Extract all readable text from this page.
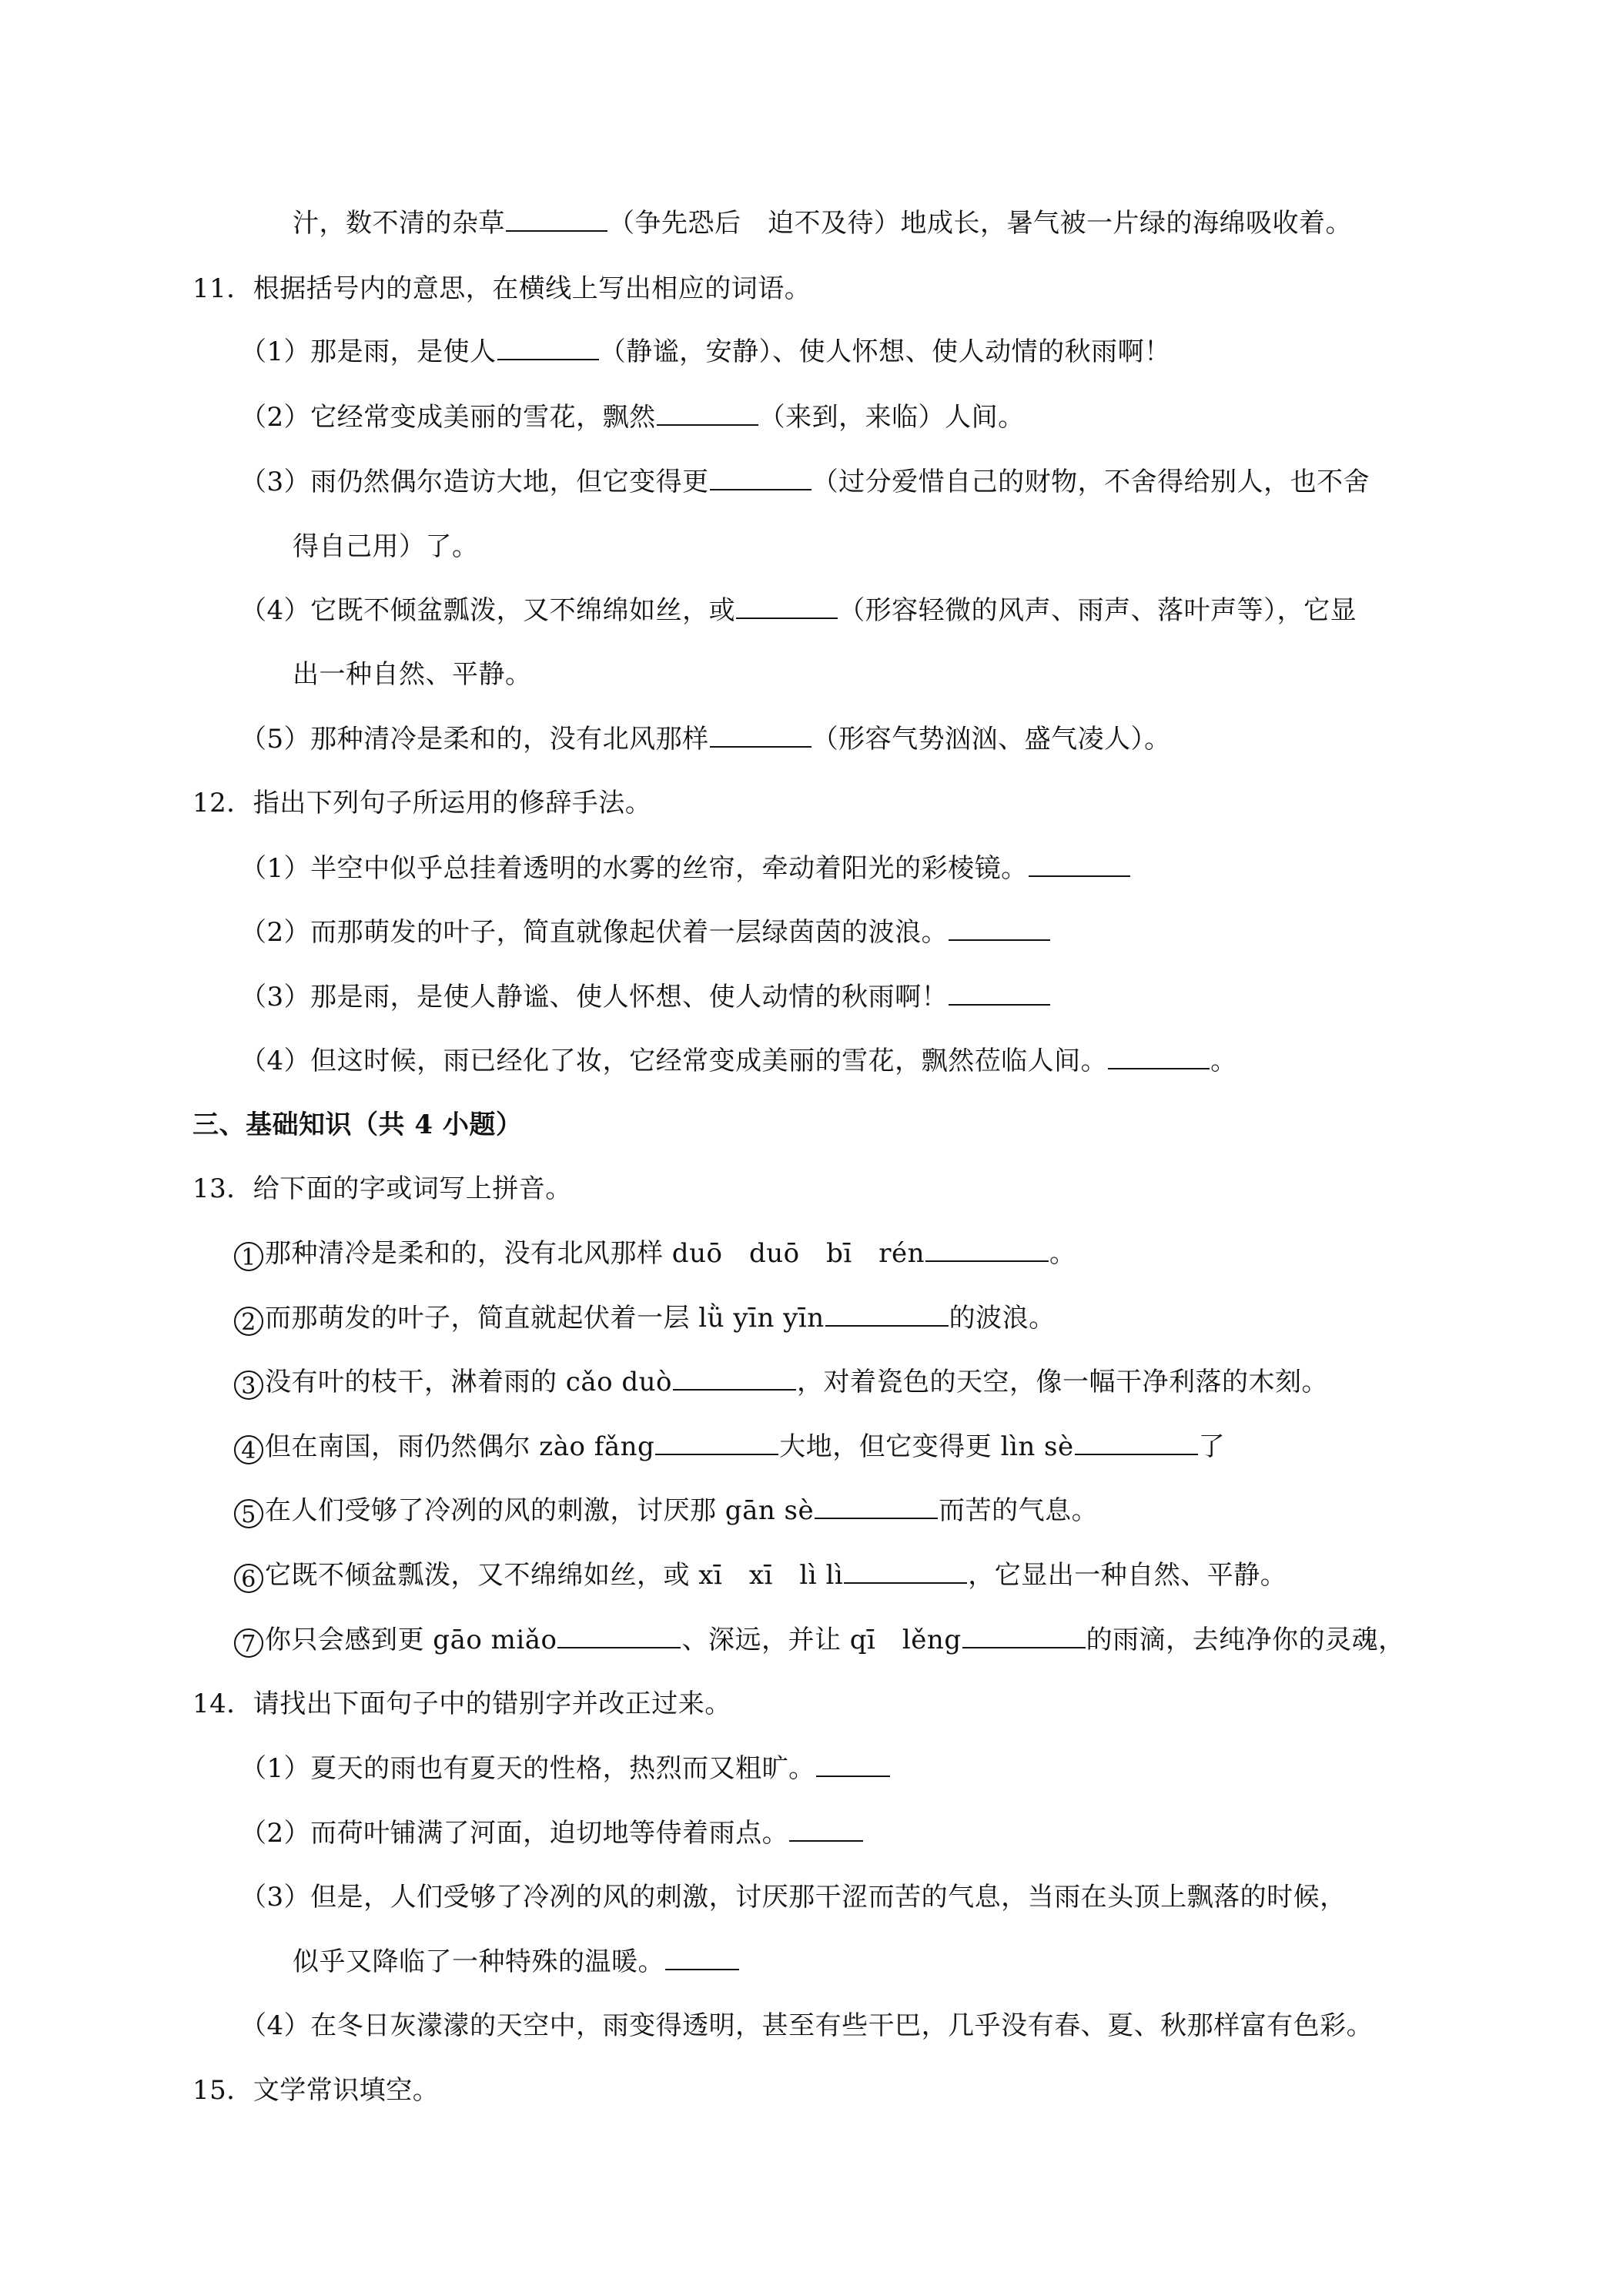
汁，数不清的杂草	（争先恐后　迫不及待）地成长，暑气被一片绿的海绵吸收着。
11．根据括号内的意思，在横线上写出相应的词语。
（1）那是雨，是使人	（静谧，安静）、使人怀想、使人动情的秋雨啊！
（2）它经常变成美丽的雪花，飘然	（来到，来临）人间。
（3）雨仍然偶尔造访大地，但它变得更	（过分爱惜自己的财物，不舍得给别人，也不舍
得自己用）了。
（4）它既不倾盆瓢泼，又不绵绵如丝，或	（形容轻微的风声、雨声、落叶声等），它显
出一种自然、平静。
（5）那种清冷是柔和的，没有北风那样	（形容气势汹汹、盛气凌人）。
12．指出下列句子所运用的修辞手法。
（1）半空中似乎总挂着透明的水雾的丝帘，牵动着阳光的彩棱镜。
（2）而那萌发的叶子，简直就像起伏着一层绿茵茵的波浪。
（3）那是雨，是使人静谧、使人怀想、使人动情的秋雨啊！
（4）但这时候，雨已经化了妆，它经常变成美丽的雪花，飘然莅临人间。	。
三、基础知识（共 4 小题）
13．给下面的字或词写上拼音。
1 那种清冷是柔和的，没有北风那样 duō　duō　bī　rén	。
2 而那萌发的叶子，简直就起伏着一层 lǜ yīn yīn	的波浪。
3 没有叶的枝干，淋着雨的 cǎo duò	，对着瓷色的天空，像一幅干净利落的木刻。
4 但在南国，雨仍然偶尔 zào fǎng	大地，但它变得更 lìn sè	了
5 在人们受够了冷冽的风的刺激，讨厌那 gān sè	而苦的气息。
6 它既不倾盆瓢泼，又不绵绵如丝，或 xī　xī　lì lì	，它显出一种自然、平静。
7 你只会感到更 gāo miǎo	、深远，并让 qī　lěng	的雨滴，去纯净你的灵魂，
14．请找出下面句子中的错别字并改正过来。
（1）夏天的雨也有夏天的性格，热烈而又粗旷。
（2）而荷叶铺满了河面，迫切地等侍着雨点。
（3）但是，人们受够了冷冽的风的刺激，讨厌那干涩而苦的气息，当雨在头顶上飘落的时候，
似乎又降临了一种特殊的温暖。
（4）在冬日灰濛濛的天空中，雨变得透明，甚至有些干巴，几乎没有春、夏、秋那样富有色彩。
15．文学常识填空。
